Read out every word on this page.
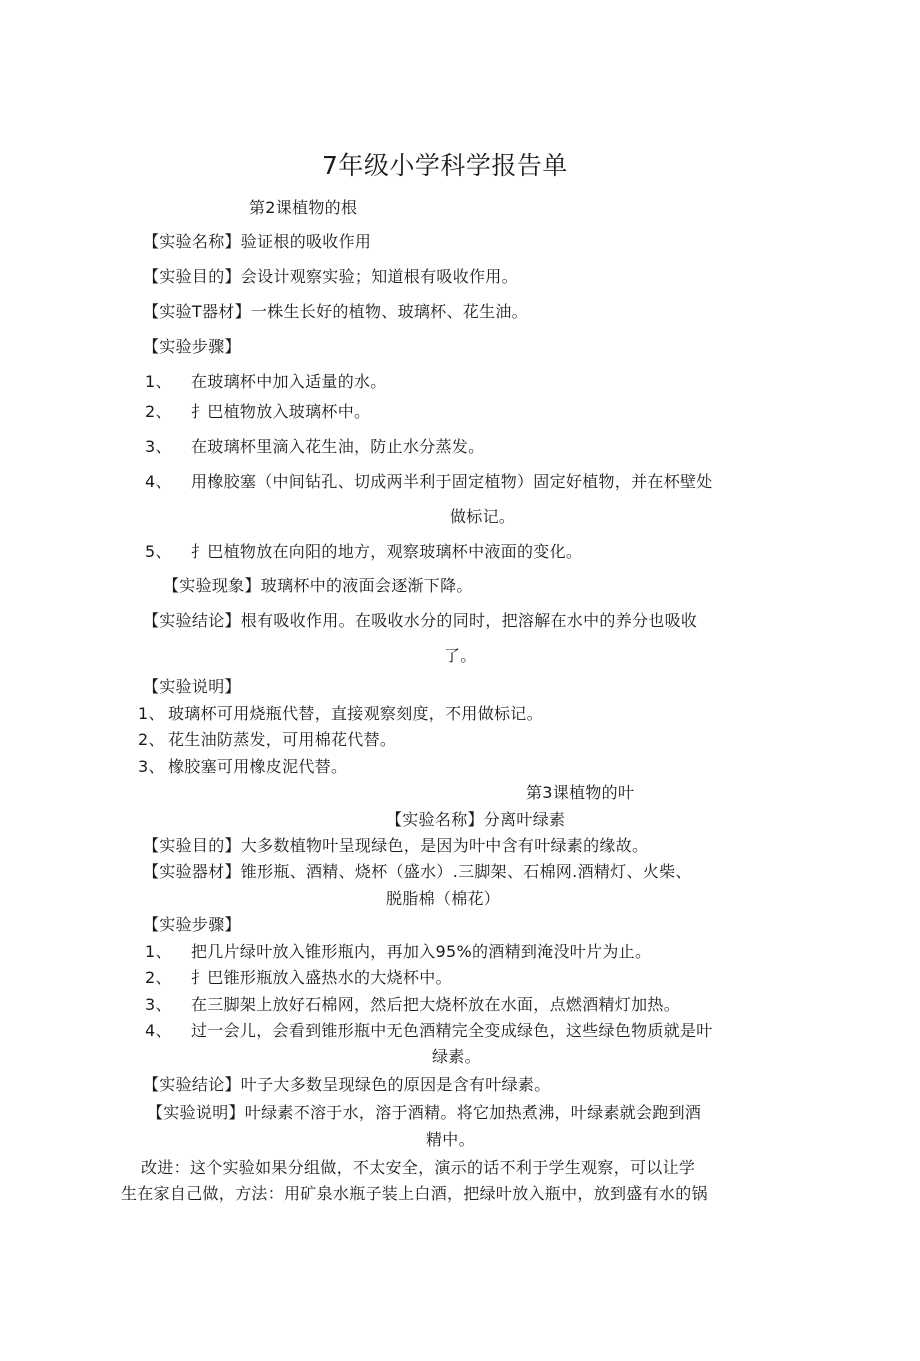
7年级小学科学报告单
第2课植物的根
【实验名称】验证根的吸收作用
【实验目的】会设计观察实验；知道根有吸收作用。
【实验T器材】一株生长好的植物、玻璃杯、花生油。
【实验步骤】
1、 在玻璃杯中加入适量的水。
2、 扌巴植物放入玻璃杯中。
3、 在玻璃杯里滴入花生油，防止水分蒸发。
4、 用橡胶塞（中间钻孔、切成两半利于固定植物）固定好植物，并在杯壁处
做标记。
5、 扌巴植物放在向阳的地方，观察玻璃杯中液面的变化。
【实验现象】玻璃杯中的液面会逐渐下降。
【实验结论】根有吸收作用。在吸收水分的同时，把溶解在水中的养分也吸收
了。
【实验说明】
1、 玻璃杯可用烧瓶代替，直接观察刻度，不用做标记。
2、 花生油防蒸发，可用棉花代替。
3、 橡胶塞可用橡皮泥代替。
第3课植物的叶
【实验名称】分离叶绿素
【实验目的】大多数植物叶呈现绿色，是因为叶中含有叶绿素的缘故。
【实验器材】锥形瓶、酒精、烧杯（盛水）.三脚架、石棉网.酒精灯、火柴、
脱脂棉（棉花）
【实验步骤】
1、 把几片绿叶放入锥形瓶内，再加入95%的酒精到淹没叶片为止。
2、 扌巴锥形瓶放入盛热水的大烧杯中。
3、 在三脚架上放好石棉网，然后把大烧杯放在水面，点燃酒精灯加热。
4、 过一会儿，会看到锥形瓶中无色酒精完全变成绿色，这些绿色物质就是叶
绿素。
【实验结论】叶子大多数呈现绿色的原因是含有叶绿素。
【实验说明】叶绿素不溶于水，溶于酒精。将它加热煮沸，叶绿素就会跑到酒
精中。
改进：这个实验如果分组做，不太安全，演示的话不利于学生观察，可以让学
生在家自己做，方法：用矿泉水瓶子装上白酒，把绿叶放入瓶中，放到盛有水的锅
